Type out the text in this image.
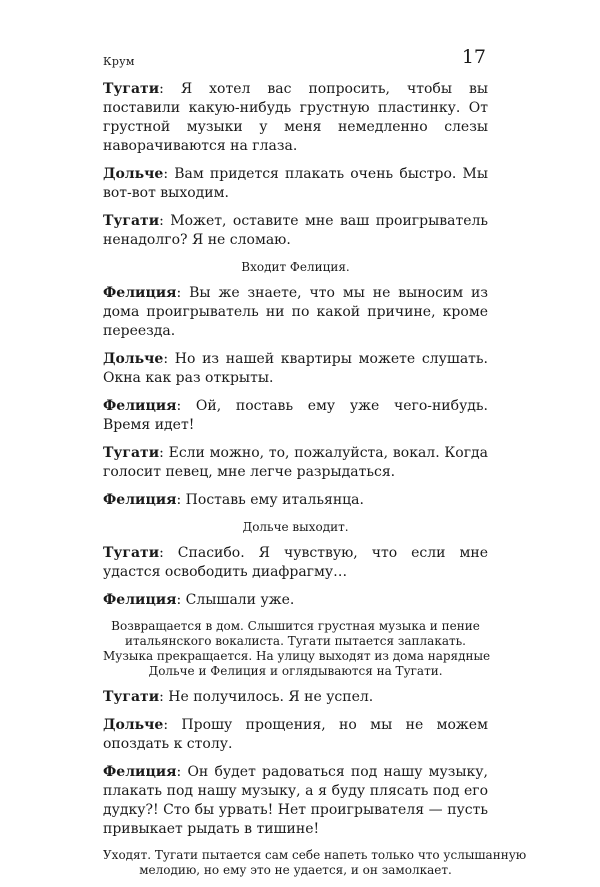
Крум	17

Тугати: Я хотел вас попросить, чтобы вы поставили какую-нибудь грустную пластинку. От грустной музыки у меня немедленно слезы наворачиваются на глаза.

Дольче: Вам придется плакать очень быстро. Мы вот-вот выходим.

Тугати: Может, оставите мне ваш проигрыватель ненадолго? Я не сломаю.

Входит Фелиция.

Фелиция: Вы же знаете, что мы не выносим из дома проигрыватель ни по какой причине, кроме переезда.

Дольче: Но из нашей квартиры можете слушать. Окна как раз открыты.

Фелиция: Ой, поставь ему уже чего-нибудь. Время идет!

Тугати: Если можно, то, пожалуйста, вокал. Когда голосит певец, мне легче разрыдаться.

Фелиция: Поставь ему итальянца.

Дольче выходит.

Тугати: Спасибо. Я чувствую, что если мне удастся освободить диафрагму…

Фелиция: Слышали уже.

Возвращается в дом. Слышится грустная музыка и пение
итальянского вокалиста. Тугати пытается заплакать.
Музыка прекращается. На улицу выходят из дома нарядные
Дольче и Фелиция и оглядываются на Тугати.

Тугати: Не получилось. Я не успел.

Дольче: Прошу прощения, но мы не можем опоздать к столу.

Фелиция: Он будет радоваться под нашу музыку, плакать под нашу музыку, а я буду плясать под его дудку?! Сто бы урвать! Нет проигрывателя — пусть привыкает рыдать в тишине!

Уходят. Тугати пытается сам себе напеть только что услышанную
мелодию, но ему это не удается, и он замолкает.
